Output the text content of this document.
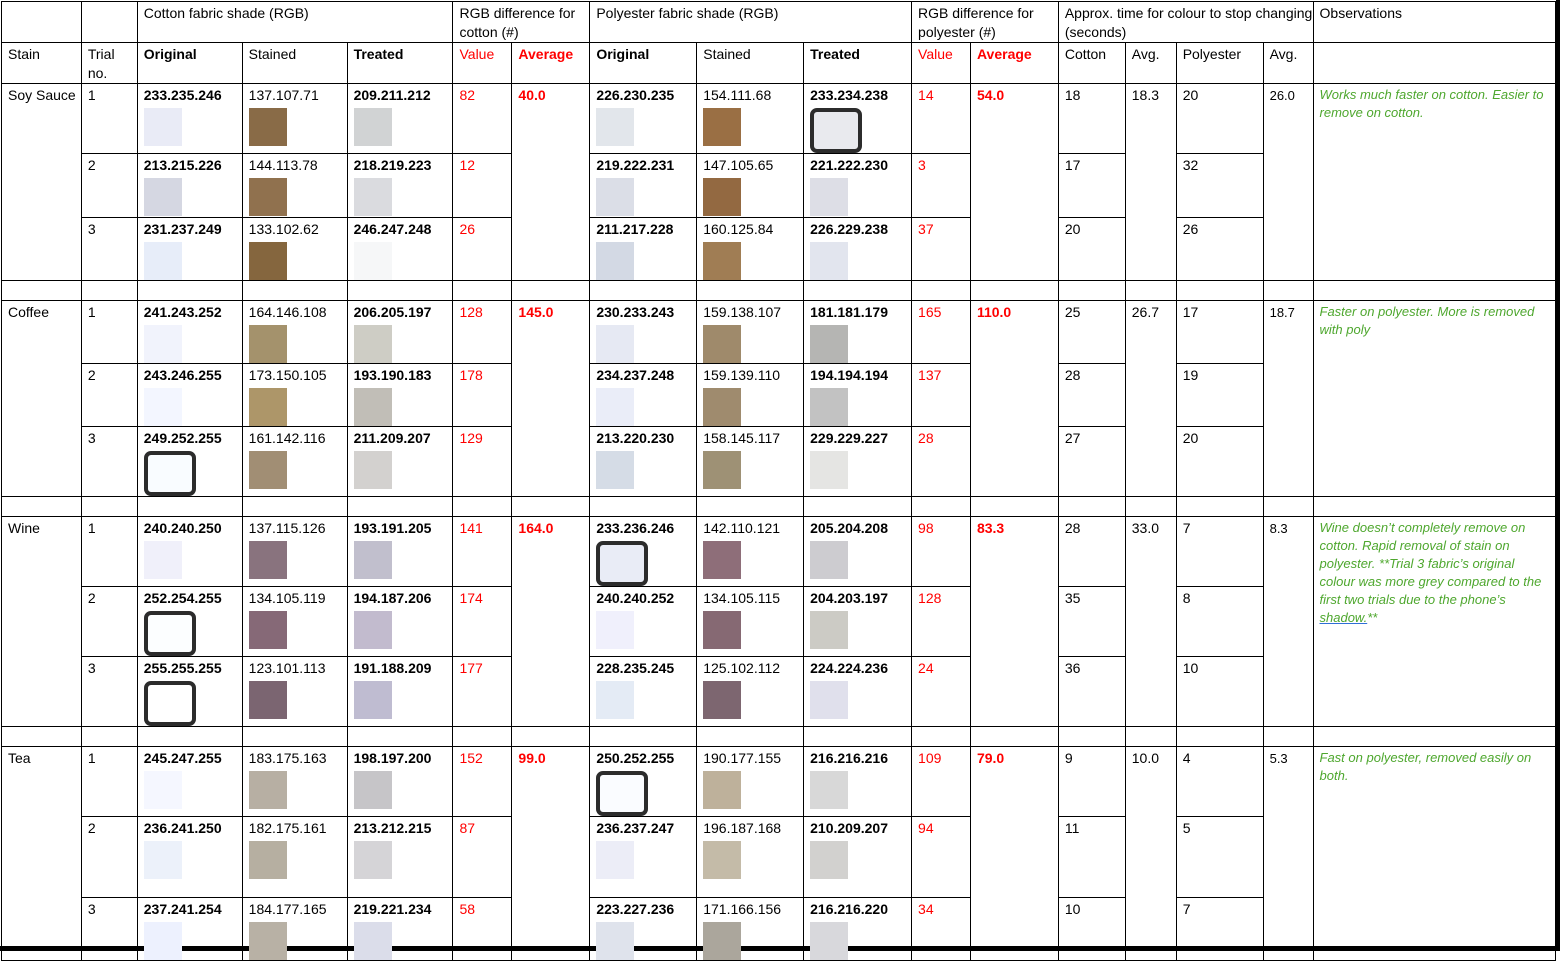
		Cotton fabric shade (RGB)			RGB difference for cotton (#)		Polyester fabric shade (RGB)			RGB difference for polyester (#)		Approx. time for colour to stop changing (seconds)				Observations
Stain	Trial no.	Original	Stained	Treated	Value	Average	Original	Stained	Treated	Value	Average	Cotton	Avg.	Polyester	Avg.	
Soy Sauce	1	233.235.246	137.107.71	209.211.212	82	40.0	226.230.235	154.111.68	233.234.238	14	54.0	18	18.3	20	26.0	Works much faster on cotton. Easier to remove on cotton.
	2	213.215.226	144.113.78	218.219.223	12		219.222.231	147.105.65	221.222.230	3		17		32		
	3	231.237.249	133.102.62	246.247.248	26		211.217.228	160.125.84	226.229.238	37		20		26		

Coffee	1	241.243.252	164.146.108	206.205.197	128	145.0	230.233.243	159.138.107	181.181.179	165	110.0	25	26.7	17	18.7	Faster on polyester. More is removed with poly
	2	243.246.255	173.150.105	193.190.183	178		234.237.248	159.139.110	194.194.194	137		28		19		
	3	249.252.255	161.142.116	211.209.207	129		213.220.230	158.145.117	229.229.227	28		27		20		

Wine	1	240.240.250	137.115.126	193.191.205	141	164.0	233.236.246	142.110.121	205.204.208	98	83.3	28	33.0	7	8.3	Wine doesn’t completely remove on cotton. Rapid removal of stain on polyester. **Trial 3 fabric’s original colour was more grey compared to the first two trials due to the phone’s shadow.**
	2	252.254.255	134.105.119	194.187.206	174		240.240.252	134.105.115	204.203.197	128		35		8		
	3	255.255.255	123.101.113	191.188.209	177		228.235.245	125.102.112	224.224.236	24		36		10		

Tea	1	245.247.255	183.175.163	198.197.200	152	99.0	250.252.255	190.177.155	216.216.216	109	79.0	9	10.0	4	5.3	Fast on polyester, removed easily on both.
	2	236.241.250	182.175.161	213.212.215	87		236.237.247	196.187.168	210.209.207	94		11		5		
	3	237.241.254	184.177.165	219.221.234	58		223.227.236	171.166.156	216.216.220	34		10		7		
